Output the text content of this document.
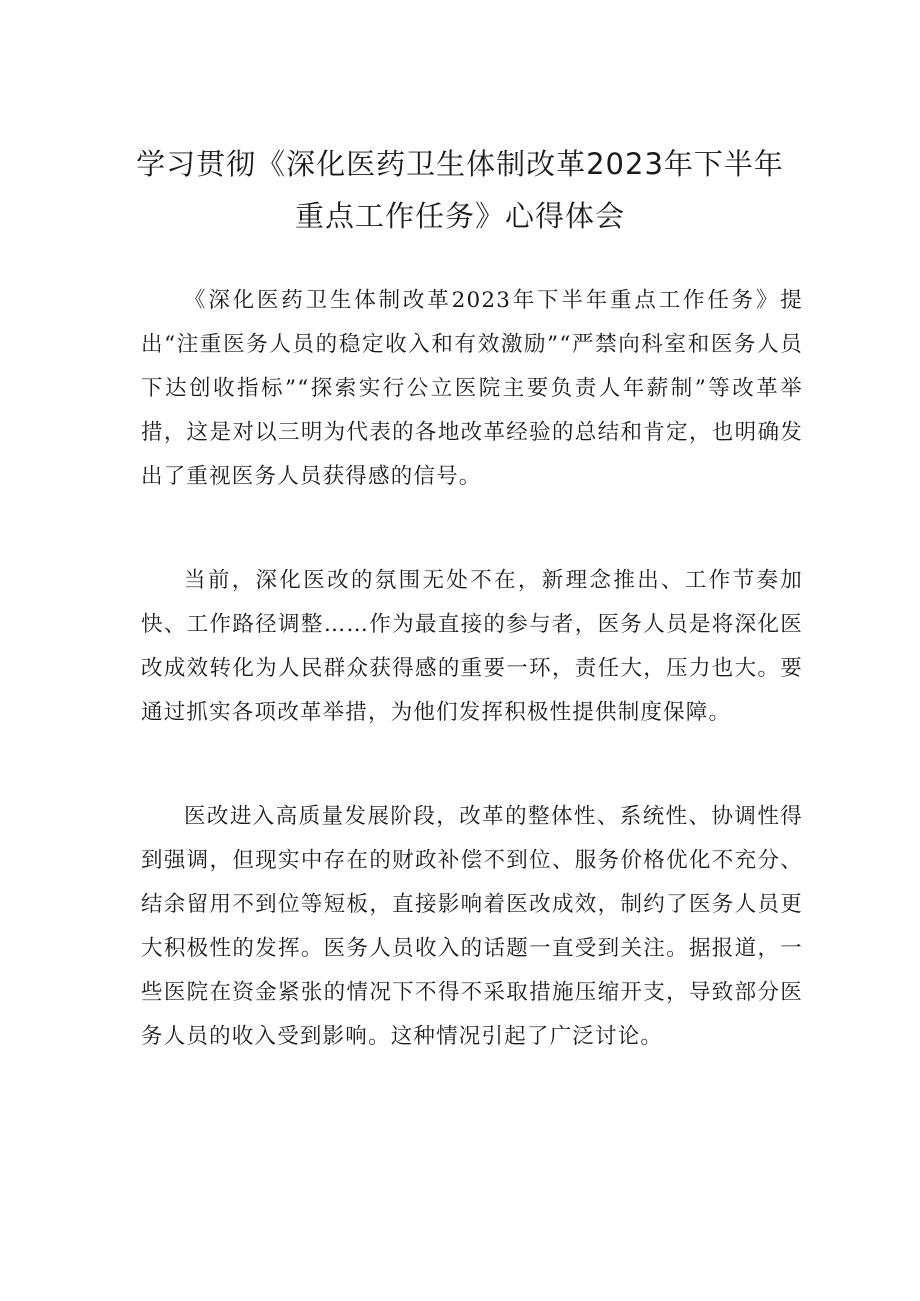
学习贯彻《深化医药卫生体制改革2023年下半年重点工作任务》心得体会

《深化医药卫生体制改革2023年下半年重点工作任务》提出“注重医务人员的稳定收入和有效激励”“严禁向科室和医务人员下达创收指标”“探索实行公立医院主要负责人年薪制”等改革举措，这是对以三明为代表的各地改革经验的总结和肯定，也明确发出了重视医务人员获得感的信号。

当前，深化医改的氛围无处不在，新理念推出、工作节奏加快、工作路径调整……作为最直接的参与者，医务人员是将深化医改成效转化为人民群众获得感的重要一环，责任大，压力也大。要通过抓实各项改革举措，为他们发挥积极性提供制度保障。

医改进入高质量发展阶段，改革的整体性、系统性、协调性得到强调，但现实中存在的财政补偿不到位、服务价格优化不充分、结余留用不到位等短板，直接影响着医改成效，制约了医务人员更大积极性的发挥。医务人员收入的话题一直受到关注。据报道，一些医院在资金紧张的情况下不得不采取措施压缩开支，导致部分医务人员的收入受到影响。这种情况引起了广泛讨论。
